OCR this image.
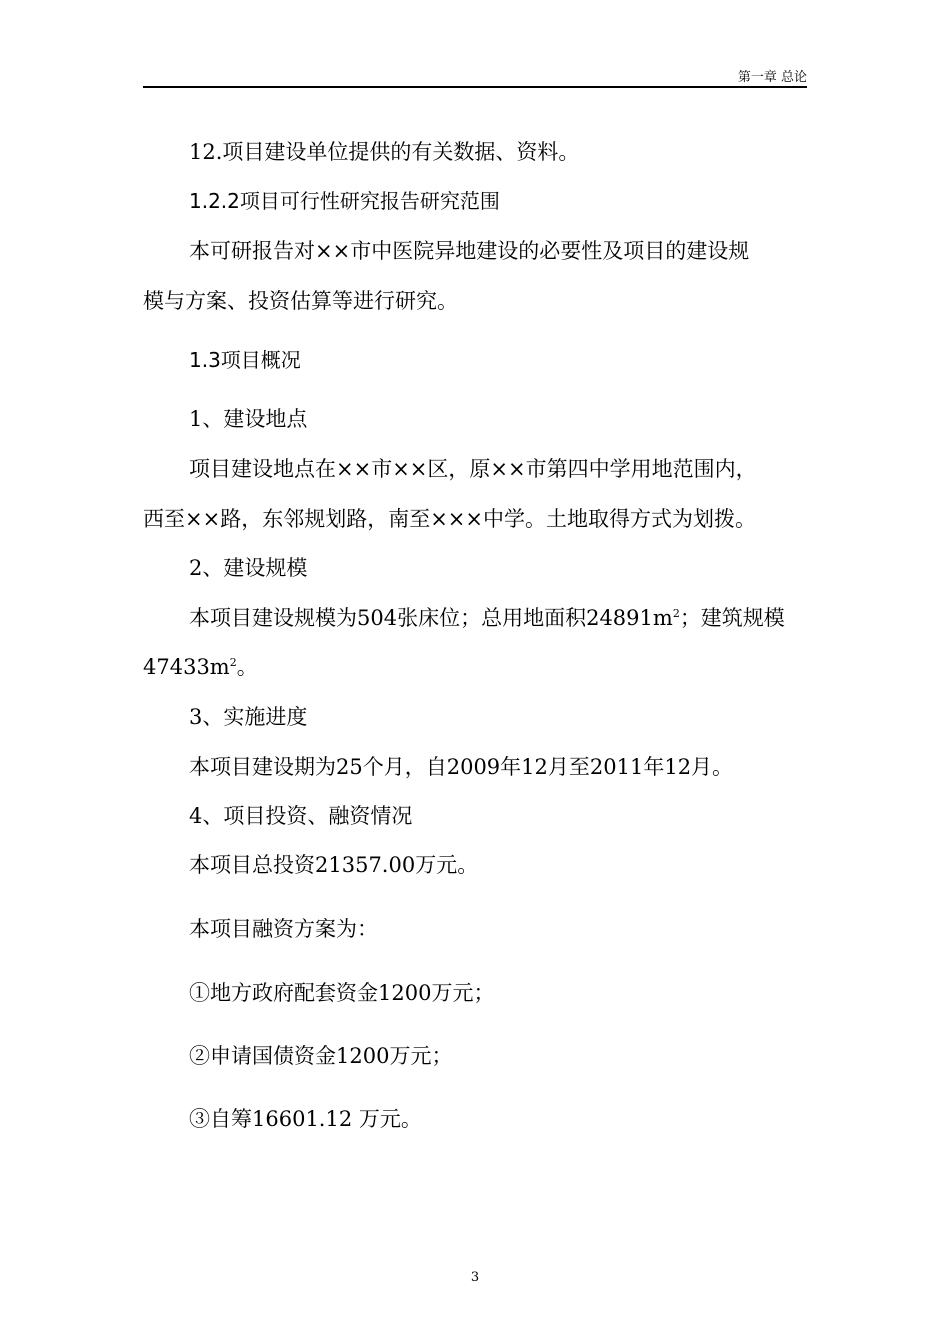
第一章 总论
12.项目建设单位提供的有关数据、资料。
1.2.2项目可行性研究报告研究范围
本可研报告对××市中医院异地建设的必要性及项目的建设规
模与方案、投资估算等进行研究。
1.3项目概况
1、建设地点
项目建设地点在××市××区，原××市第四中学用地范围内，
西至××路，东邻规划路，南至×××中学。土地取得方式为划拨。
2、建设规模
本项目建设规模为504张床位；总用地面积$24891m^2$；建筑规模
$47433m^2$。
3、实施进度
本项目建设期为25个月，自2009年12月至2011年12月。
4、项目投资、融资情况
本项目总投资21357.00万元。
本项目融资方案为：
①地方政府配套资金1200万元；
②申请国债资金1200万元；
③自筹16601.12 万元。
3
